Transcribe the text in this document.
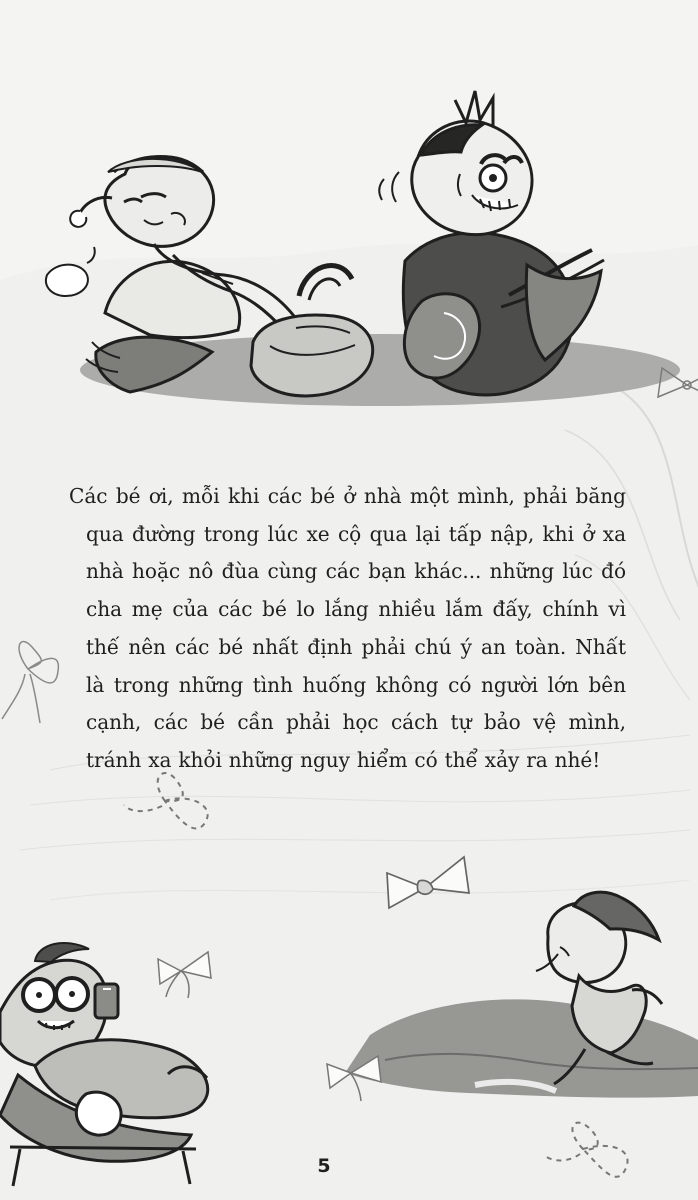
Các bé ơi, mỗi khi các bé ở nhà một mình, phải băng qua đường trong lúc xe cộ qua lại tấp nập, khi ở xa nhà hoặc nô đùa cùng các bạn khác... những lúc đó cha mẹ của các bé lo lắng nhiều lắm đấy, chính vì thế nên các bé nhất định phải chú ý an toàn. Nhất là trong những tình huống không có người lớn bên cạnh, các bé cần phải học cách tự bảo vệ mình, tránh xa khỏi những nguy hiểm có thể xảy ra nhé!

5
